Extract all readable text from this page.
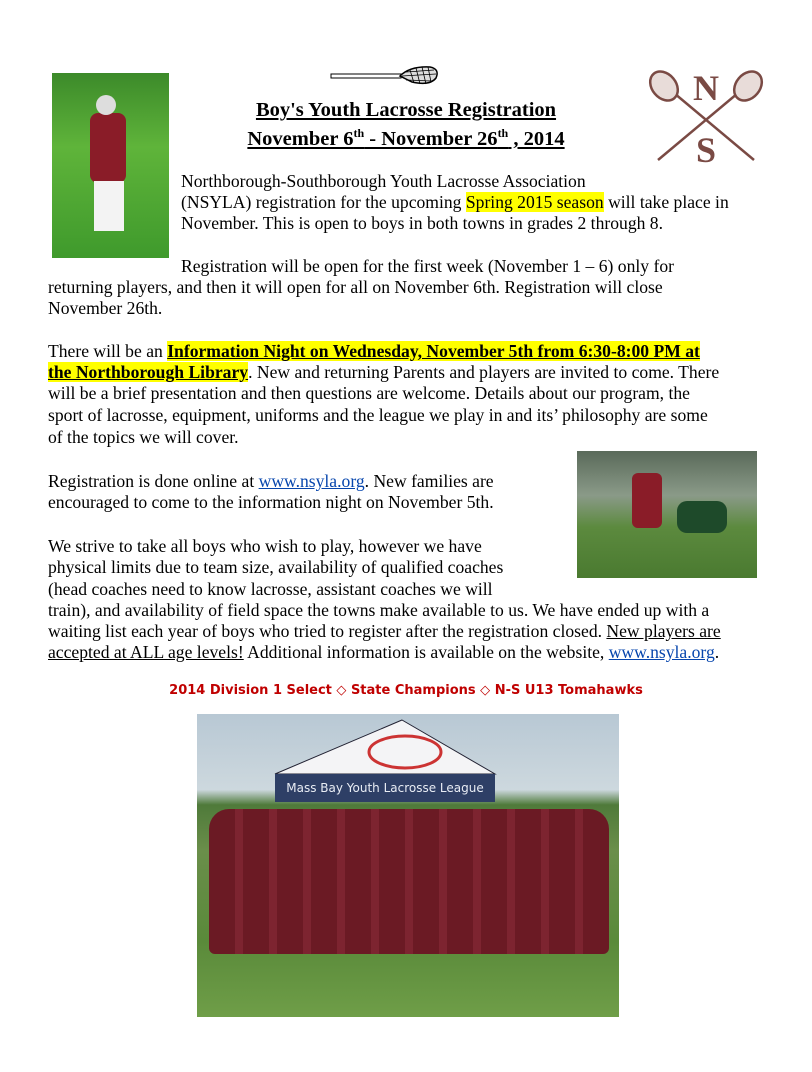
Boy's Youth Lacrosse Registration
November 6th - November 26th , 2014
N
S
Northborough-Southborough Youth Lacrosse Association
(NSYLA) registration for the upcoming Spring 2015 season will take place in
November. This is open to boys in both towns in grades 2 through 8.
Registration will be open for the first week (November 1 – 6) only for
returning players, and then it will open for all on November 6th. Registration will close
November 26th.
There will be an Information Night on Wednesday, November 5th from 6:30-8:00 PM at
the Northborough Library. New and returning Parents and players are invited to come. There
will be a brief presentation and then questions are welcome. Details about our program, the
sport of lacrosse, equipment, uniforms and the league we play in and its’ philosophy are some
of the topics we will cover.
Registration is done online at www.nsyla.org. New families are
encouraged to come to the information night on November 5th.
We strive to take all boys who wish to play, however we have
physical limits due to team size, availability of qualified coaches
(head coaches need to know lacrosse, assistant coaches we will
train), and availability of field space the towns make available to us. We have ended up with a
waiting list each year of boys who tried to register after the registration closed. New players are
accepted at ALL age levels! Additional information is available on the website, www.nsyla.org.
2014 Division 1 Select ◇ State Champions ◇ N-S U13 Tomahawks
Mass Bay Youth Lacrosse League
